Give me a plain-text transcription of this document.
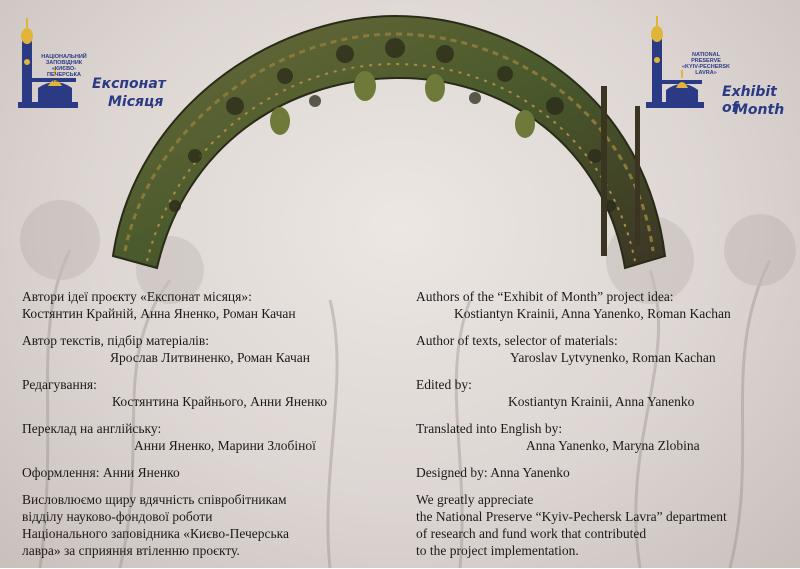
НАЦІОНАЛЬНИЙ
ЗАПОВІДНИК
«КИЄВО-ПЕЧЕРСЬКА
ЛАВРА»	Експонат
Місяця
NATIONAL
PRESERVE
«KYIV-PECHERSK
LAVRA»
Exhibit of
Month
Автори ідеї проєкту «Експонат місяця»:
Костянтин Крайній, Анна Яненко, Роман Качан
Автор текстів, підбір матеріалів:
Ярослав Литвиненко, Роман Качан
Редагування:
Костянтина Крайнього, Анни Яненко
Переклад на англійську:
Анни Яненко, Марини Злобіної
Оформлення: Анни Яненко
Висловлюємо щиру вдячність співробітникам
відділу науково-фондової роботи
Національного заповідника «Києво-Печерська
лавра» за сприяння втіленню проєкту.
Authors of the “Exhibit of Month” project idea:
Kostiantyn Krainii, Anna Yanenko, Roman Kachan
Author of texts, selector of materials:
Yaroslav Lytvynenko, Roman Kachan
Edited by:
Kostiantyn Krainii, Anna Yanenko
Translated into English by:
Anna Yanenko, Maryna Zlobina
Designed by: Anna Yanenko
We greatly appreciate
the National Preserve “Kyiv-Pechersk Lavra” department
of research and fund work that contributed
to the project implementation.
